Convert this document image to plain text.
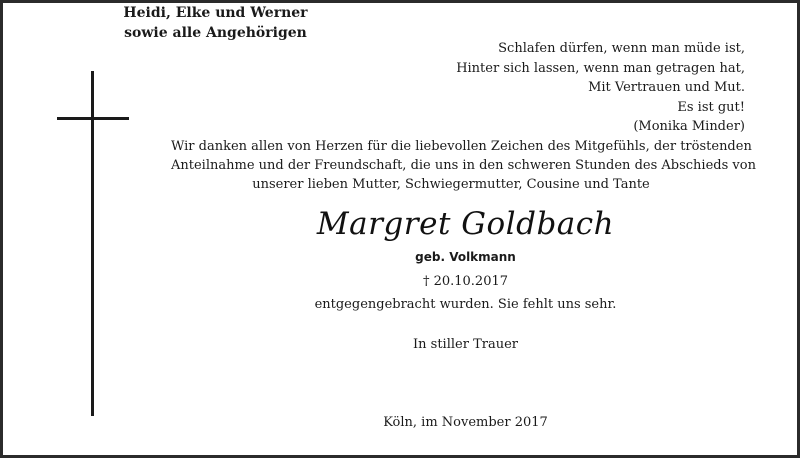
Schlafen dürfen, wenn man müde ist,
Hinter sich lassen, wenn man getragen hat,
Mit Vertrauen und Mut.
Es ist gut!
(Monika Minder)
Wir danken allen von Herzen für die liebevollen Zeichen des Mitgefühls, der tröstenden
Anteilnahme und der Freundschaft, die uns in den schweren Stunden des Abschieds von
unserer lieben Mutter, Schwiegermutter, Cousine und Tante
Margret Goldbach
geb. Volkmann
† 20.10.2017
entgegengebracht wurden. Sie fehlt uns sehr.
In stiller Trauer
Heidi, Elke und Werner
sowie alle Angehörigen
Köln, im November 2017
